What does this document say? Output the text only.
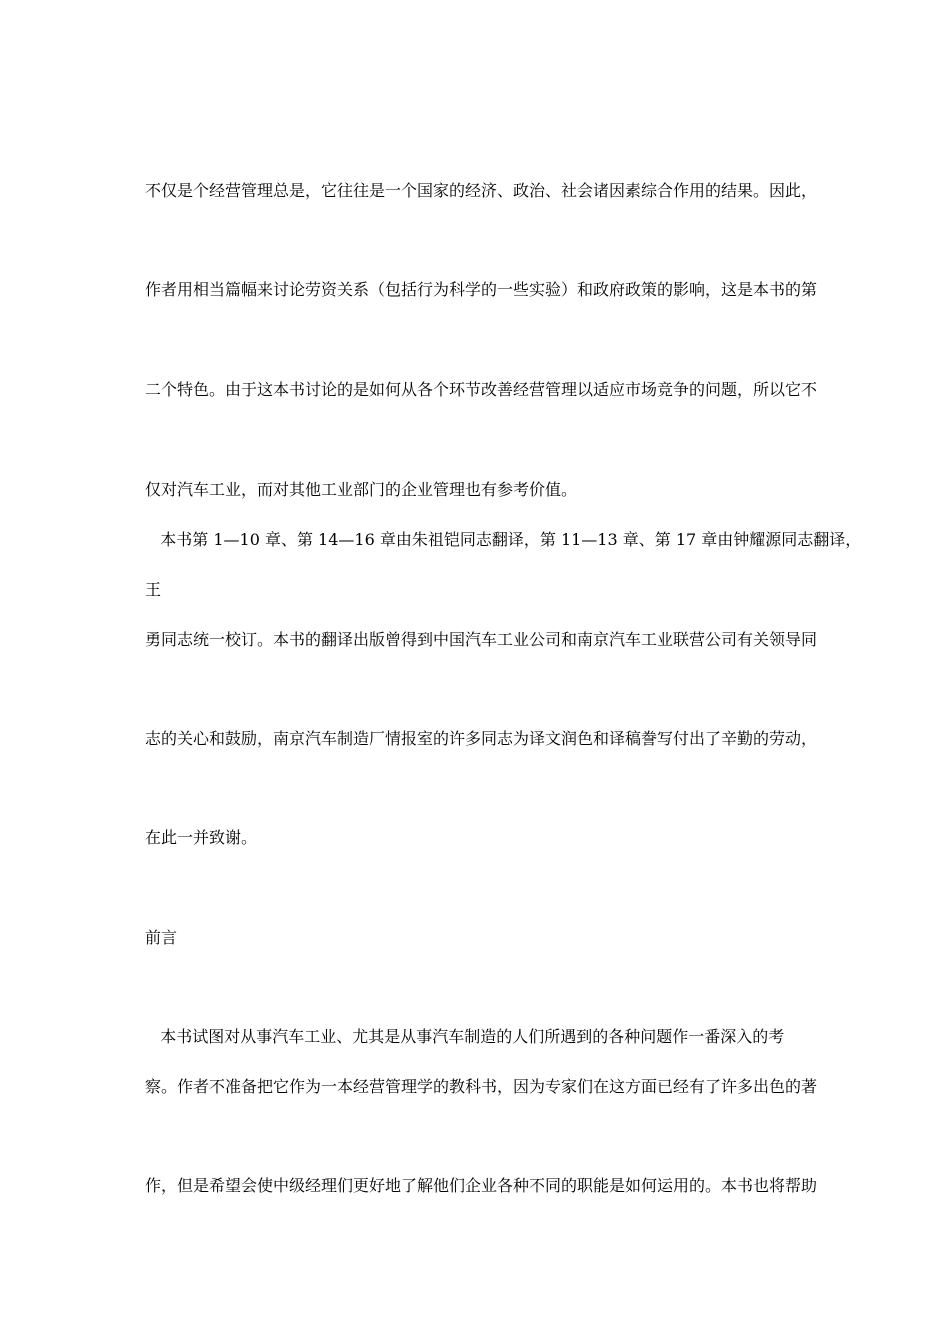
不仅是个经营管理总是，它往往是一个国家的经济、政治、社会诸因素综合作用的结果。因此，
作者用相当篇幅来讨论劳资关系（包括行为科学的一些实验）和政府政策的影响，这是本书的第
二个特色。由于这本书讨论的是如何从各个环节改善经营管理以适应市场竞争的问题，所以它不
仅对汽车工业，而对其他工业部门的企业管理也有参考价值。
本书第 1—10 章、第 14—16 章由朱祖铠同志翻译，第 11—13 章、第 17 章由钟耀源同志翻译，
王
勇同志统一校订。本书的翻译出版曾得到中国汽车工业公司和南京汽车工业联营公司有关领导同
志的关心和鼓励，南京汽车制造厂情报室的许多同志为译文润色和译稿誊写付出了辛勤的劳动，
在此一并致谢。
前言
本书试图对从事汽车工业、尤其是从事汽车制造的人们所遇到的各种问题作一番深入的考
察。作者不准备把它作为一本经营管理学的教科书，因为专家们在这方面已经有了许多出色的著
作，但是希望会使中级经理们更好地了解他们企业各种不同的职能是如何运用的。本书也将帮助
